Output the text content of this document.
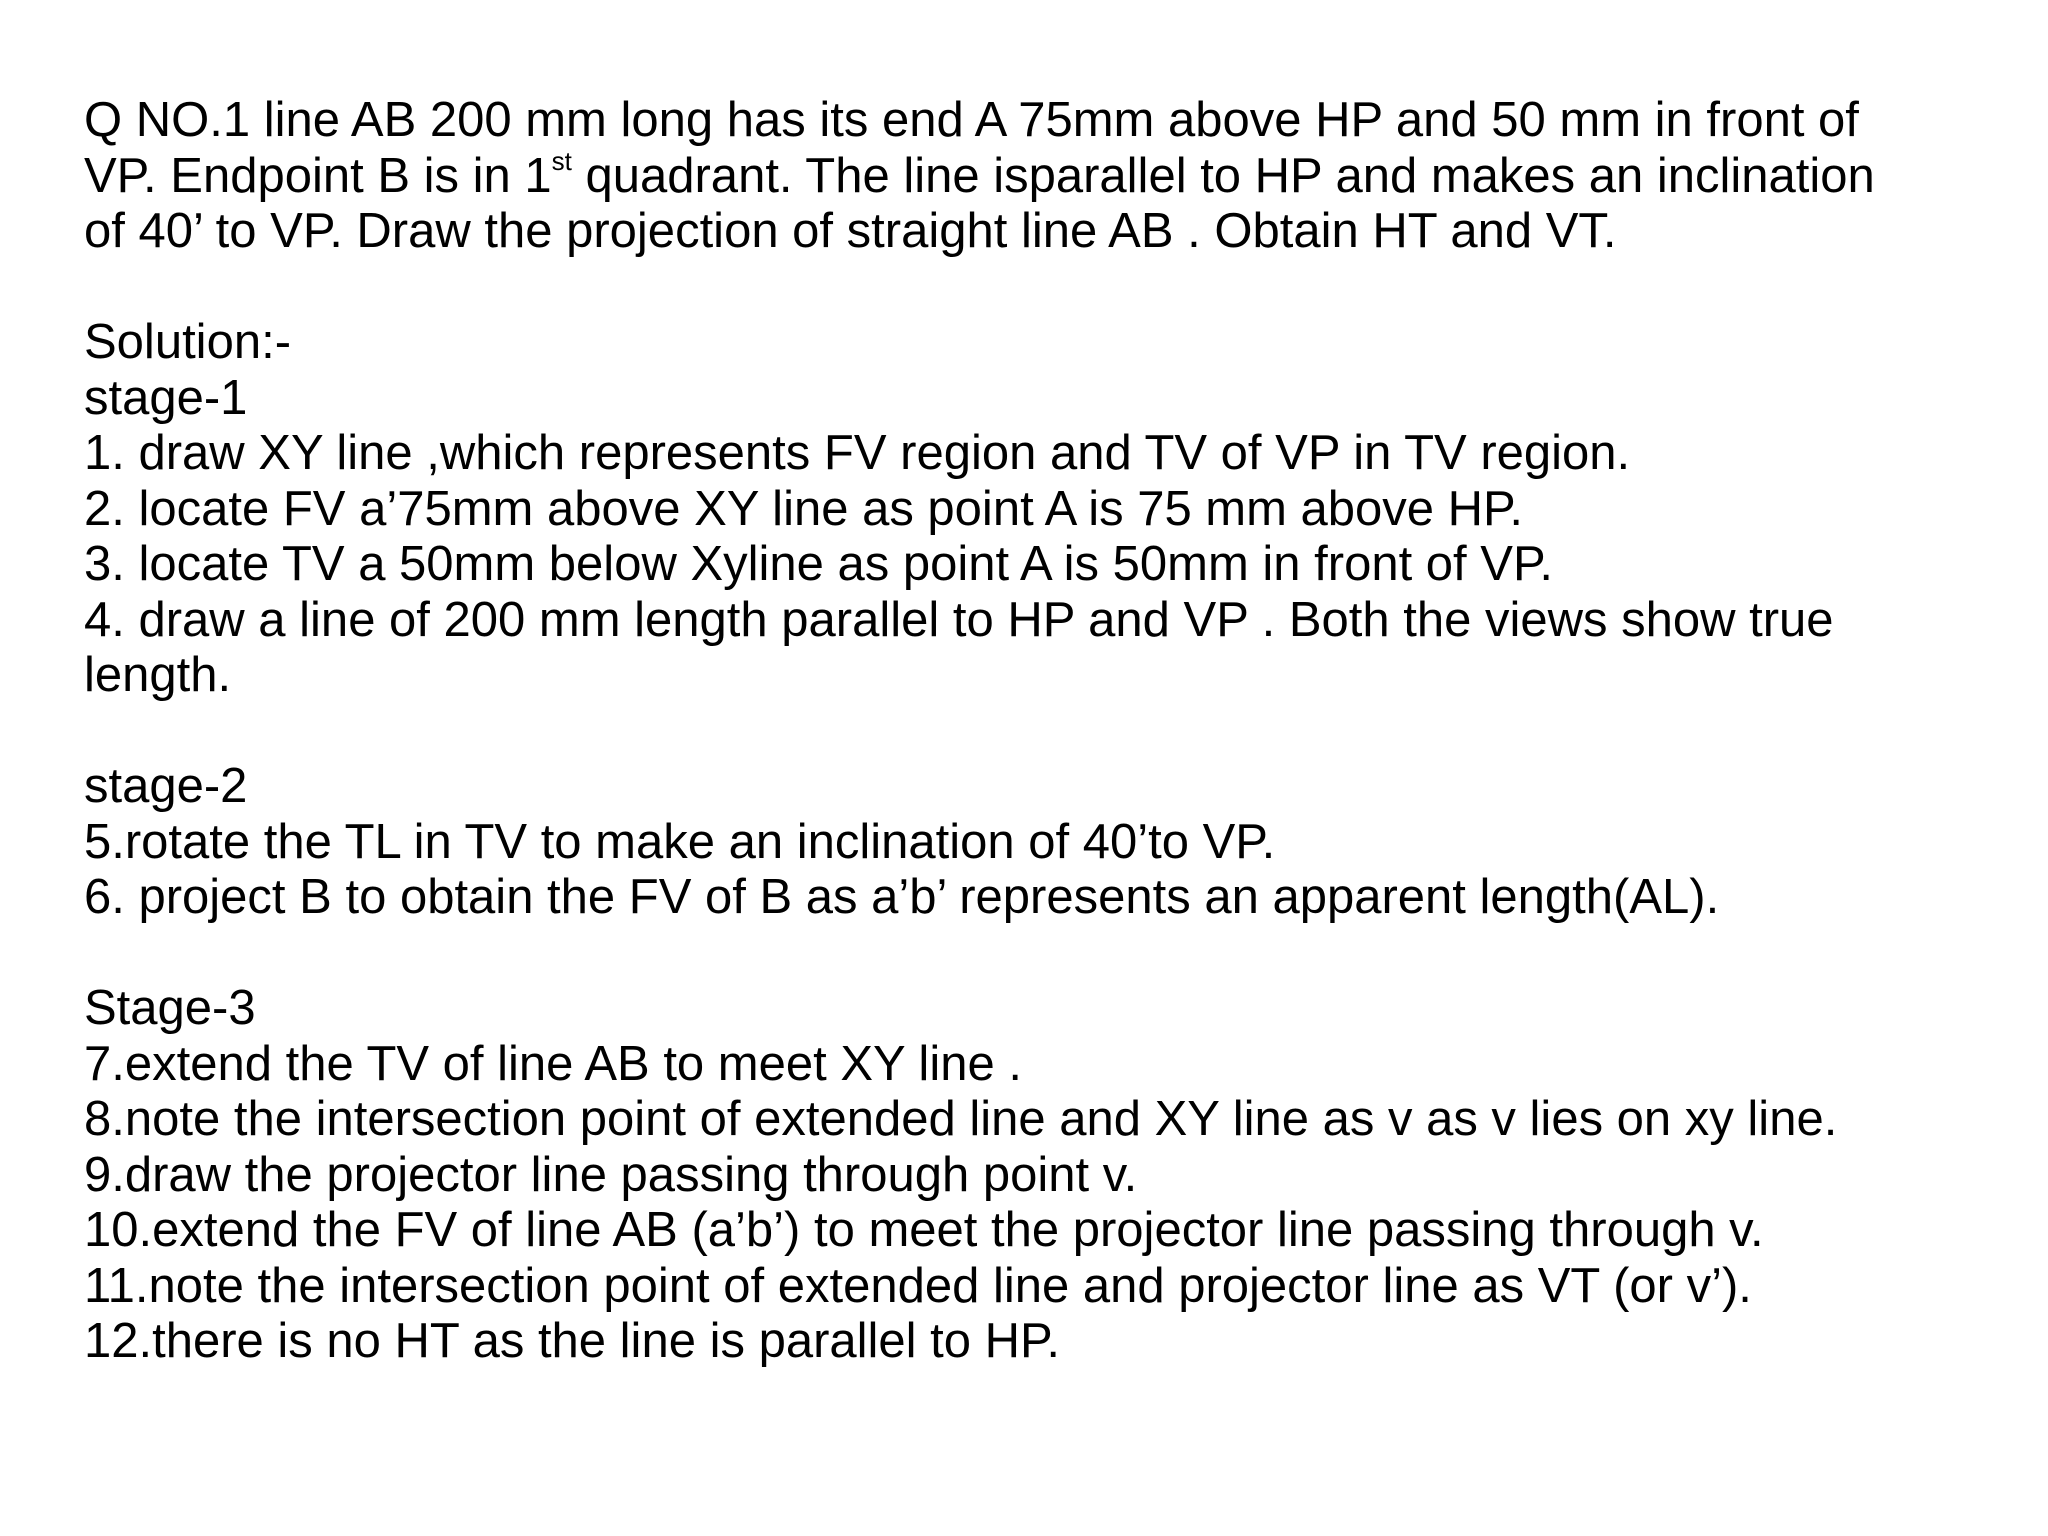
Q NO.1 line AB 200 mm long has its end A 75mm above HP and 50 mm in front of
VP. Endpoint B is in 1st quadrant. The line isparallel to HP and makes an inclination
of 40’ to VP. Draw the projection of straight line AB . Obtain HT and VT.
Solution:-
stage-1
1. draw XY line ,which represents FV region and TV of VP in TV region.
2. locate FV a’75mm above XY line as point A is 75 mm above HP.
3. locate TV a 50mm below Xyline as point A is 50mm in front of VP.
4. draw a line of 200 mm length parallel to HP and VP . Both the views show true
length.
stage-2
5.rotate the TL in TV to make an inclination of 40’to VP.
6. project B to obtain the FV of B as a’b’ represents an apparent length(AL).
Stage-3
7.extend the TV of line AB to meet XY line .
8.note the intersection point of extended line and XY line as v as v lies on xy line.
9.draw the projector line passing through point v.
10.extend the FV of line AB (a’b’) to meet the projector line passing through v.
11.note the intersection point of extended line and projector line as VT (or v’).
12.there is no HT as the line is parallel to HP.
